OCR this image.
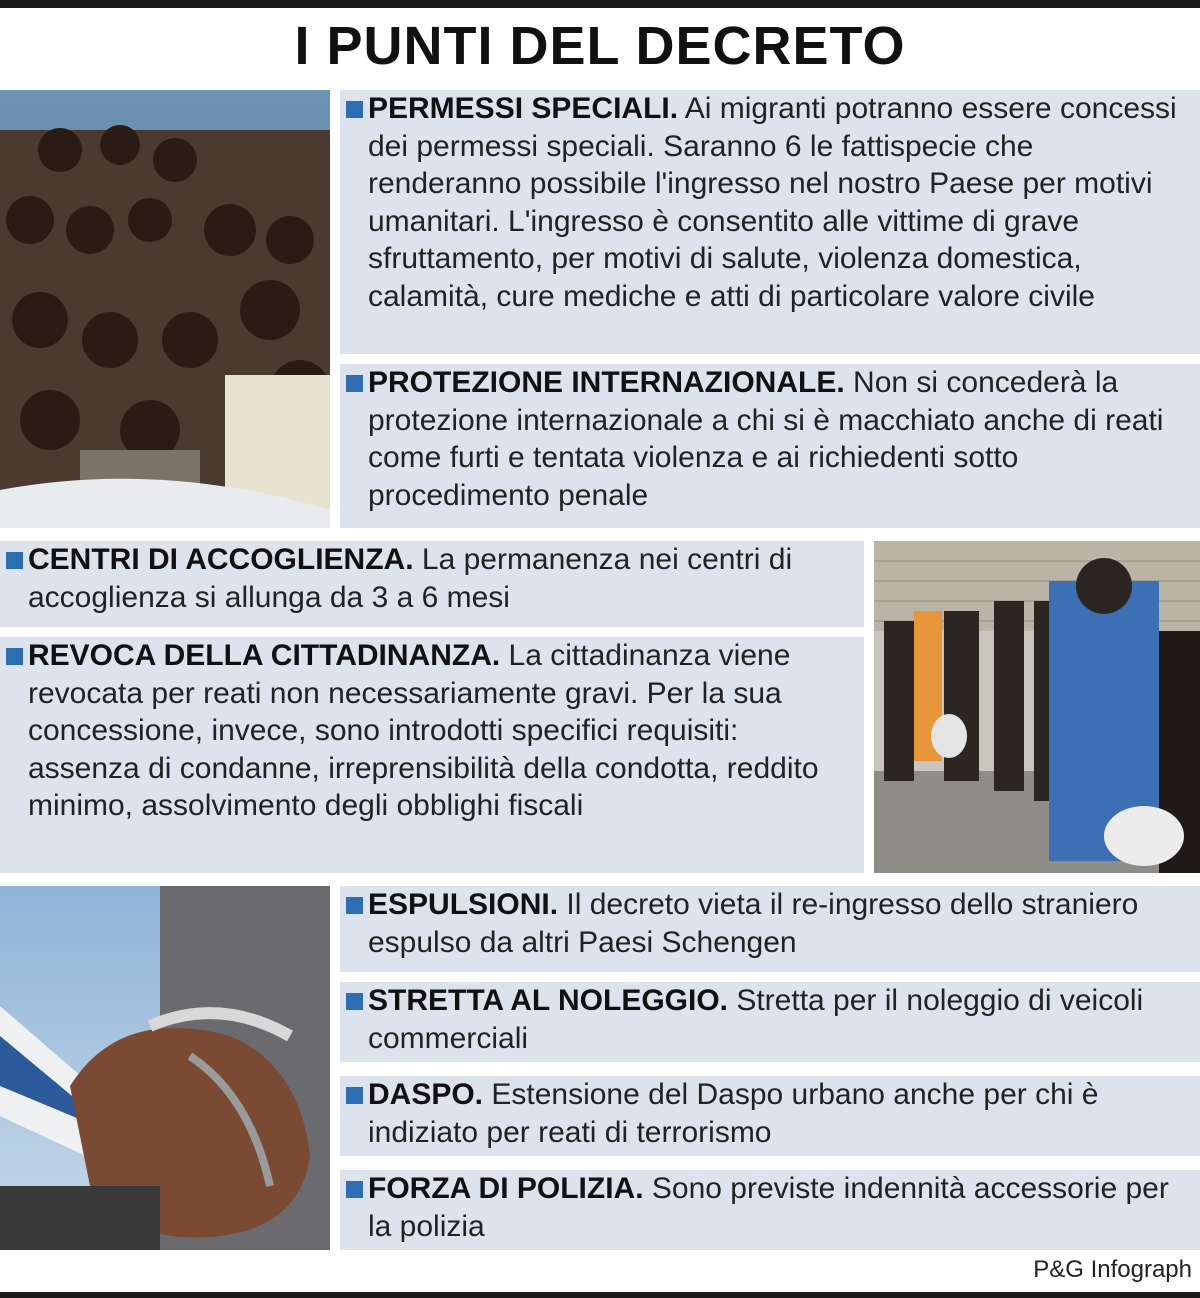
I PUNTI DEL DECRETO
PERMESSI SPECIALI. Ai migranti potranno essere concessi dei permessi speciali. Saranno 6 le fattispecie che renderanno possibile l'ingresso nel nostro Paese per motivi umanitari. L'ingresso è consentito alle vittime di grave sfruttamento, per motivi di salute, violenza domestica, calamità, cure mediche e atti di particolare valore civile
PROTEZIONE INTERNAZIONALE. Non si concederà la protezione internazionale a chi si è macchiato anche di reati come furti e tentata violenza e ai richiedenti sotto procedimento penale
CENTRI DI ACCOGLIENZA. La permanenza nei centri di accoglienza si allunga da 3 a 6 mesi
REVOCA DELLA CITTADINANZA. La cittadinanza viene revocata per reati non necessariamente gravi. Per la sua concessione, invece, sono introdotti specifici requisiti: assenza di condanne, irreprensibilità della condotta, reddito minimo, assolvimento degli obblighi fiscali
ESPULSIONI. Il decreto vieta il re-ingresso dello straniero espulso da altri Paesi Schengen
STRETTA AL NOLEGGIO. Stretta per il noleggio di veicoli commerciali
DASPO. Estensione del Daspo urbano anche per chi è indiziato per reati di terrorismo
FORZA DI POLIZIA. Sono previste indennità accessorie per la polizia
P&G Infograph
